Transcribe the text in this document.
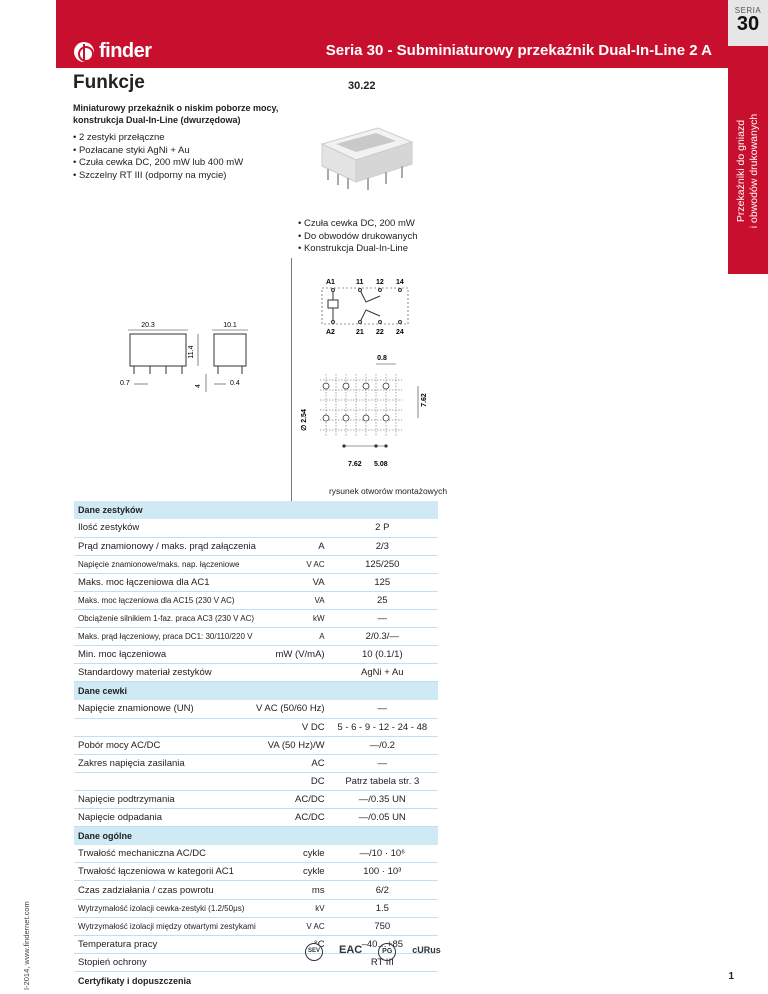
SERIA
30
finder	Seria 30 - Subminiaturowy przekaźnik Dual-In-Line 2 A
Przekaźniki do gniazd i obwodów drukowanych
Funkcje	30.22
Miniaturowy przekaźnik o niskim poborze mocy, konstrukcja Dual-In-Line (dwurzędowa)
• 2 zestyki przełączne
• Pozłacane styki AgNi + Au
• Czuła cewka DC, 200 mW lub 400 mW
• Szczelny RT III (odporny na mycie)
• Czuła cewka DC, 200 mW
• Do obwodów drukowanych
• Konstrukcja Dual-In-Line
20.3	10.1
11.4
4
0.7	0.4
A1	11 12 14
A2	21 22 24
0.8
∅ 2.54
7.62
7.62 5.08
rysunek otworów montażowych
Dane zestyków		
Ilość zestyków		2 P
Prąd znamionowy / maks. prąd załączenia	A	2/3
Napięcie znamionowe/maks. nap. łączeniowe	V AC	125/250
Maks. moc łączeniowa dla AC1	VA	125
Maks. moc łączeniowa dla AC15 (230 V AC)	VA	25
Obciążenie silnikiem 1-faz. praca AC3 (230 V AC)	kW	—
Maks. prąd łączeniowy, praca DC1: 30/110/220 V	A	2/0.3/—
Min. moc łączeniowa	mW (V/mA)	10 (0.1/1)
Standardowy materiał zestyków		AgNi + Au
Dane cewki		
Napięcie znamionowe (UN)	V AC (50/60 Hz)	—
	V DC	5 - 6 - 9 - 12 - 24 - 48
Pobór mocy AC/DC	VA (50 Hz)/W	—/0.2
Zakres napięcia zasilania	AC	—
	DC	Patrz tabela str. 3
Napięcie podtrzymania	AC/DC	—/0.35 UN
Napięcie odpadania	AC/DC	—/0.05 UN
Dane ogólne		
Trwałość mechaniczna AC/DC	cykle	—/10 · 10⁶
Trwałość łączeniowa w kategorii AC1	cykle	100 · 10³
Czas zadziałania / czas powrotu	ms	6/2
Wytrzymałość izolacji cewka-zestyki (1.2/50μs)	kV	1.5
Wytrzymałość izolacji między otwartymi zestykami	V AC	750
Temperatura pracy	°C	–40…+85
Stopień ochrony		RT III
Certyfikaty i dopuszczenia		
SEV EAC	PG	cURus
I-2014, www.findernet.com	1
